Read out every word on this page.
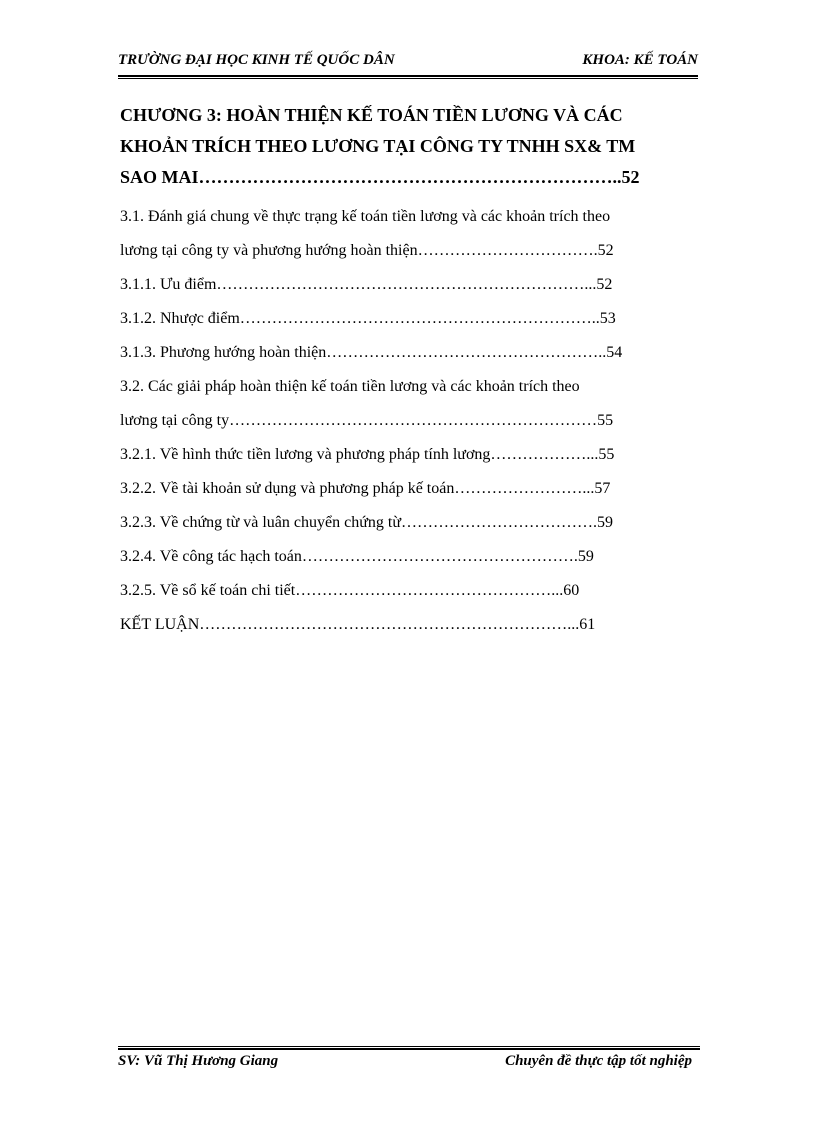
TRƯỜNG ĐẠI HỌC KINH TẾ QUỐC DÂN	KHOA: KẾ TOÁN
CHƯƠNG 3: HOÀN THIỆN KẾ TOÁN TIỀN LƯƠNG VÀ CÁC
KHOẢN TRÍCH THEO LƯƠNG TẠI CÔNG TY TNHH SX& TM
SAO MAI……………………………………………………………..52
3.1. Đánh giá chung về thực trạng kế toán tiền lương và các khoản trích theo
lương tại công ty và phương hướng hoàn thiện…………………………….52
3.1.1. Ưu điểm……………………………………………………………...52
3.1.2. Nhược điểm…………………………………………………………..53
3.1.3. Phương hướng hoàn thiện……………………………………………..54
3.2. Các giải pháp hoàn thiện kế toán tiền lương và các khoản trích theo
lương tại công ty……………………………………………………………55
3.2.1. Về hình thức tiền lương và phương pháp tính lương………………...55
3.2.2. Về tài khoản sử dụng và phương pháp kế toán……………………...57
3.2.3. Về chứng từ và luân chuyển chứng từ……………………………….59
3.2.4. Về công tác hạch toán…………………………………………….59
3.2.5. Về sổ kế toán chi tiết…………………………………………...60
KẾT LUẬN……………………………………………………………...61
SV: Vũ Thị Hương Giang	Chuyên đề thực tập tốt nghiệp
